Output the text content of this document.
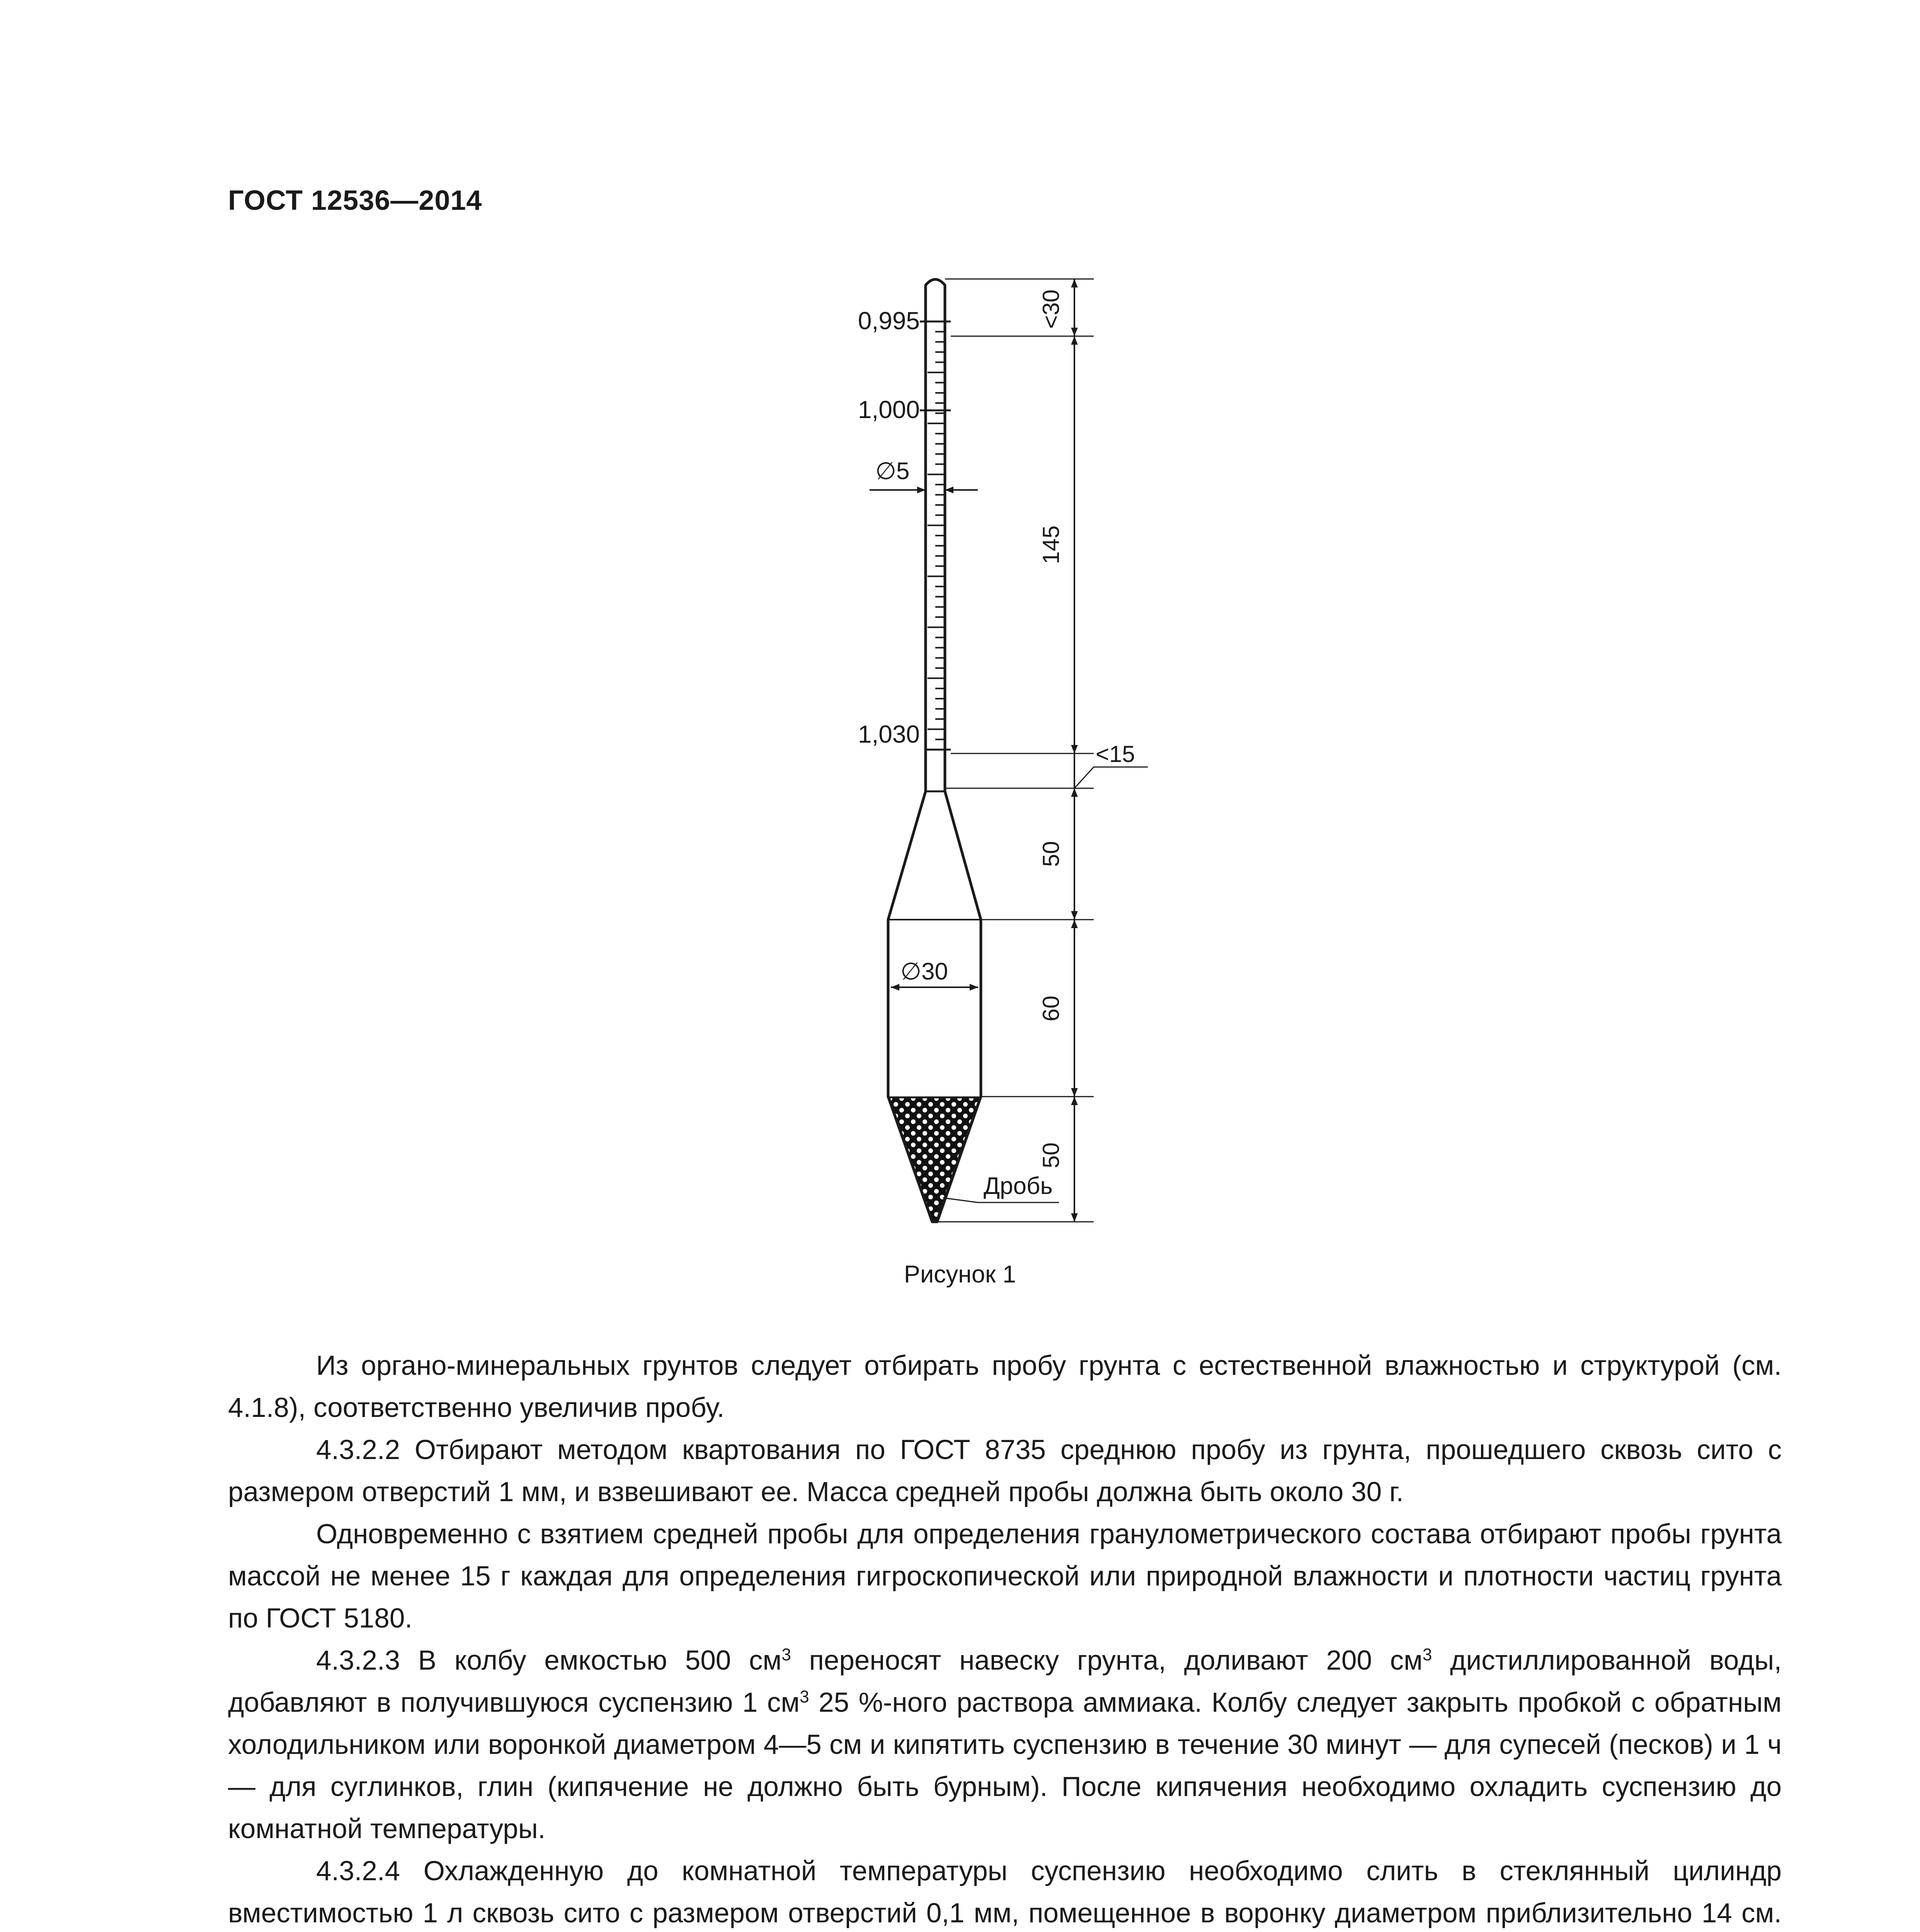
ГОСТ 12536—2014
0,995
1,000
1,030
∅5
∅30
<30
145
50
60
50
<15
Дробь
Рисунок 1

Из органо-минеральных грунтов следует отбирать пробу грунта с естественной влажностью и структурой (см. 4.1.8), соответственно увеличив пробу.

4.3.2.2 Отбирают методом квартования по ГОСТ 8735 среднюю пробу из грунта, прошедшего сквозь сито с размером отверстий 1 мм, и взвешивают ее. Масса средней пробы должна быть около 30 г.

Одновременно с взятием средней пробы для определения гранулометрического состава отбирают пробы грунта массой не менее 15 г каждая для определения гигроскопической или природной влажности и плотности частиц грунта по ГОСТ 5180.

4.3.2.3 В колбу емкостью 500 $см^3$ переносят навеску грунта, доливают 200 $см^3$ дистиллированной воды, добавляют в получившуюся суспензию 1 $см^3$ 25 %-ного раствора аммиака. Колбу следует закрыть пробкой с обратным холодильником или воронкой диаметром 4—5 см и кипятить суспензию в течение 30 минут — для супесей (песков) и 1 ч — для суглинков, глин (кипячение не должно быть бурным). После кипячения необходимо охладить суспензию до комнатной температуры.

4.3.2.4 Охлажденную до комнатной температуры суспензию необходимо слить в стеклянный цилиндр вместимостью 1 л сквозь сито с размером отверстий 0,1 мм, помещенное в воронку диаметром приблизительно 14 см.
